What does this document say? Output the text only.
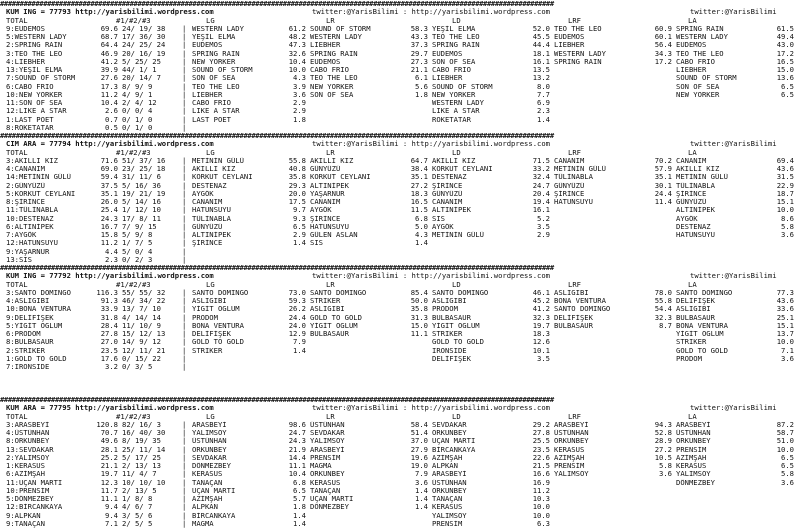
#############################################################################################################################################
KUM ING = 77793 http://yarisbilimi.wordpress.com	twitter:@YarisBilimi : http://yarisbilimi.wordpress.com	twitter:@YarisBilimi
TOTAL	#1/#2/#3	LG	LR	LD	LRF	LA
9:EUDEMOS	69.6 24/ 19/ 38	| WESTERN LADY	61.2 SOUND OF STORM	58.3 YEŞİL ELMA	52.0 TEO THE LEO	60.9 SPRING RAIN	61.5
5:WESTERN LADY	68.7 17/ 36/ 30	| YEŞİL ELMA	48.2 WESTERN LADY	43.3 TEO THE LEO	45.5 EUDEMOS	60.1 WESTERN LADY	49.4
2:SPRING RAIN	64.4 24/ 25/ 24	| EUDEMOS	47.3 LIEBHER	37.3 SPRING RAIN	44.4 LIEBHER	56.4 EUDEMOS	43.0
3:TEO THE LEO	46.9 20/ 16/ 19	| SPRING RAIN	32.6 SPRING RAIN	29.7 EUDEMOS	18.1 WESTERN LADY	34.3 TEO THE LEO	17.2
4:LIEBHER	41.2 5/ 25/ 25	| NEW YORKER	10.4 EUDEMOS	27.3 SON OF SEA	16.1 SPRING RAIN	17.2 CABO FRIO	16.5
13:YEŞİL ELMA	39.9 44/ 1/ 1	| SOUND OF STORM	10.0 CABO FRIO	21.1 CABO FRIO	13.5	LIEBHER	15.0
7:SOUND OF STORM	27.6 20/ 14/ 7	| SON OF SEA	4.3 TEO THE LEO	6.1 LIEBHER	13.2	SOUND OF STORM	13.6
6:CABO FRIO	17.3 8/ 9/ 9	| TEO THE LEO	3.9 NEW YORKER	5.6 SOUND OF STORM	8.0	SON OF SEA	6.5
10:NEW YORKER	11.2 4/ 9/ 1	| LIEBHER	3.6 SON OF SEA	1.8 NEW YORKER	7.7	NEW YORKER	6.5
11:SON OF SEA	10.4 2/ 4/ 12	| CABO FRIO	2.9	WESTERN LADY	6.9
12:LIKE A STAR	2.6 0/ 0/ 4	| LIKE A STAR	2.9	LIKE A STAR	2.3
1:LAST POET	0.7 0/ 1/ 0	| LAST POET	1.8	ROKETATAR	1.4
8:ROKETATAR	0.5 0/ 1/ 0	|
#############################################################################################################################################
CIM ARA = 77794 http://yarisbilimi.wordpress.com	twitter:@YarisBilimi : http://yarisbilimi.wordpress.com	twitter:@YarisBilimi
TOTAL	#1/#2/#3	LG	LR	LD	LRF	LA
3:AKILLI KIZ	71.6 51/ 37/ 16	| METİNİN GÜLÜ	55.8 AKILLI KIZ	64.7 AKILLI KIZ	71.5 CANANIM	70.2 CANANIM	69.4
4:CANANIM	69.0 23/ 25/ 18	| AKILLI KIZ	40.8 GÜNYÜZÜ	38.4 KORKUT CEYLANI	33.2 METİNİN GÜLÜ	57.9 AKILLI KIZ	43.6
14:METİNİN GÜLÜ	59.4 31/ 11/ 6	| KORKUT CEYLANI	35.8 KORKUT CEYLANI	35.1 DESTENAZ	32.4 TÜLİNABLA	35.1 METİNİN GÜLÜ	31.5
2:GÜNYÜZÜ	37.5 5/ 16/ 36	| DESTENAZ	29.3 ALTINİPEK	27.2 ŞİRİNCE	24.7 GÜNYÜZÜ	30.1 TÜLİNABLA	22.9
5:KORKUT CEYLANI	35.1 19/ 21/ 19	| AYGÖK	20.0 YAŞARNUR	18.3 GÜNYÜZÜ	20.4 ŞİRİNCE	24.4 ŞİRİNCE	18.7
8:ŞİRİNCE	26.0 5/ 14/ 16	| CANANIM	17.5 CANANIM	16.5 CANANIM	19.4 HATUNSUYU	11.4 GÜNYÜZÜ	15.1
11:TÜLİNABLA	25.4 1/ 12/ 10	| HATUNSUYU	9.7 AYGÖK	11.5 ALTINİPEK	16.1	ALTINİPEK	10.0
10:DESTENAZ	24.3 17/ 8/ 11	| TÜLİNABLA	9.3 ŞİRİNCE	6.8 SIS	5.2	AYGÖK	8.6
6:ALTINİPEK	16.7 7/ 9/ 15	| GÜNYÜZÜ	6.5 HATUNSUYU	5.0 AYGÖK	3.5	DESTENAZ	5.8
7:AYGÖK	15.8 5/ 9/ 8	| ALTINİPEK	2.9 GÜLEN ASLAN	4.3 METİNİN GÜLÜ	2.9	HATUNSUYU	3.6
12:HATUNSUYU	11.2 1/ 7/ 5	| ŞİRİNCE	1.4 SIS	1.4
9:YAŞARNUR	4.4 5/ 0/ 4	|
13:SIS	2.3 0/ 2/ 3	|
#############################################################################################################################################
KUM ING = 77792 http://yarisbilimi.wordpress.com	twitter:@YarisBilimi : http://yarisbilimi.wordpress.com	twitter:@YarisBilimi
TOTAL	#1/#2/#3	LG	LR	LD	LRF	LA
3:SANTO DOMINGO	116.3 55/ 55/ 32	| SANTO DOMINGO	73.0 SANTO DOMINGO	85.4 SANTO DOMINGO	46.1 ASLIGIBI	78.0 SANTO DOMINGO	77.3
4:ASLIGIBI	91.3 46/ 34/ 22	| ASLIGIBI	59.3 STRIKER	50.0 ASLIGIBI	45.2 BONA VENTURA	55.8 DELİFİŞEK	43.6
10:BONA VENTURA	33.9 13/ 7/ 10	| YİĞİT OĞLUM	26.2 ASLIGIBI	35.8 PRODOM	41.2 SANTO DOMINGO	54.4 ASLIGIBI	33.6
9:DELİFİŞEK	31.8 4/ 14/ 14	| PRODOM	24.4 GOLD TO GOLD	31.3 BULBASAUR	32.3 DELİFİŞEK	32.3 BULBASAUR	25.1
5:YİĞİT OĞLUM	28.4 11/ 10/ 9	| BONA VENTURA	24.0 YİĞİT OĞLUM	15.0 YİĞİT OĞLUM	19.7 BULBASAUR	8.7 BONA VENTURA	15.1
6:PRODOM	27.8 15/ 12/ 13	| DELİFİŞEK	12.9 BULBASAUR	11.1 STRIKER	18.3	YİĞİT OĞLUM	13.7
8:BULBASAUR	27.0 14/ 9/ 12	| GOLD TO GOLD	7.9	GOLD TO GOLD	12.6	STRIKER	10.0
2:STRIKER	23.5 12/ 11/ 21	| STRIKER	1.4	IRONSIDE	10.1	GOLD TO GOLD	7.1
1:GOLD TO GOLD	17.6 0/ 15/ 22	|	DELİFİŞEK	3.5	PRODOM	3.6
7:IRONSIDE	3.2 0/ 3/ 5	|
#############################################################################################################################################
KUM ARA = 77795 http://yarisbilimi.wordpress.com	twitter:@YarisBilimi : http://yarisbilimi.wordpress.com	twitter:@YarisBilimi
TOTAL	#1/#2/#3	LG	LR	LD	LRF	LA
3:ARASBEYİ	120.8 82/ 16/ 3	| ARASBEYİ	98.6 ÜSTÜNHAN	58.4 SEVDAKAR	29.2 ARASBEYİ	94.3 ARASBEYİ	87.2
4:ÜSTÜNHAN	70.7 16/ 40/ 30	| YALIMSOY	24.7 SEVDAKAR	51.4 ORKUNBEY	27.8 ÜSTÜNHAN	52.8 ÜSTÜNHAN	58.7
8:ORKUNBEY	49.6 8/ 19/ 35	| ÜSTÜNHAN	24.3 YALIMSOY	37.0 UÇAN MARTI	25.5 ORKUNBEY	28.9 ORKUNBEY	51.0
13:SEVDAKAR	28.1 25/ 11/ 14	| ORKUNBEY	21.9 ARASBEYİ	27.9 BİRCANKAYA	23.5 KERASUS	27.2 PRENSİM	10.0
2:YALIMSOY	25.2 5/ 17/ 25	| SEVDAKAR	14.4 PRENSİM	19.6 AZİMŞAH	22.6 AZİMŞAH	10.5 AZİMŞAH	6.5
1:KERASUS	21.1 2/ 13/ 13	| DÖNMEZBEY	11.1 MAGMA	19.0 ALPKAN	21.5 PRENSİM	5.8 KERASUS	6.5
6:AZİMŞAH	19.7 11/ 4/ 7	| KERASUS	10.4 ORKUNBEY	7.9 ARASBEYİ	16.6 YALIMSOY	3.6 YALIMSOY	5.8
11:UÇAN MARTI	12.3 10/ 10/ 10	| TANAÇAN	6.8 KERASUS	3.6 ÜSTÜNHAN	16.9	DÖNMEZBEY	3.6
10:PRENSİM	11.7 2/ 13/ 5	| UÇAN MARTI	6.5 TANAÇAN	1.4 ORKUNBEY	11.2
5:DÖNMEZBEY	11.1 1/ 8/ 8	| AZİMŞAH	5.7 UÇAN MARTI	1.4 TANAÇAN	10.3
12:BİRCANKAYA	9.4 4/ 6/ 7	| ALPKAN	1.8 DÖNMEZBEY	1.4 KERASUS	10.0
9:ALPKAN	9.4 3/ 5/ 6	| BİRCANKAYA	1.4	YALIMSOY	10.0
9:TANAÇAN	7.1 2/ 5/ 5	| MAGMA	1.4	PRENSİM	6.3
